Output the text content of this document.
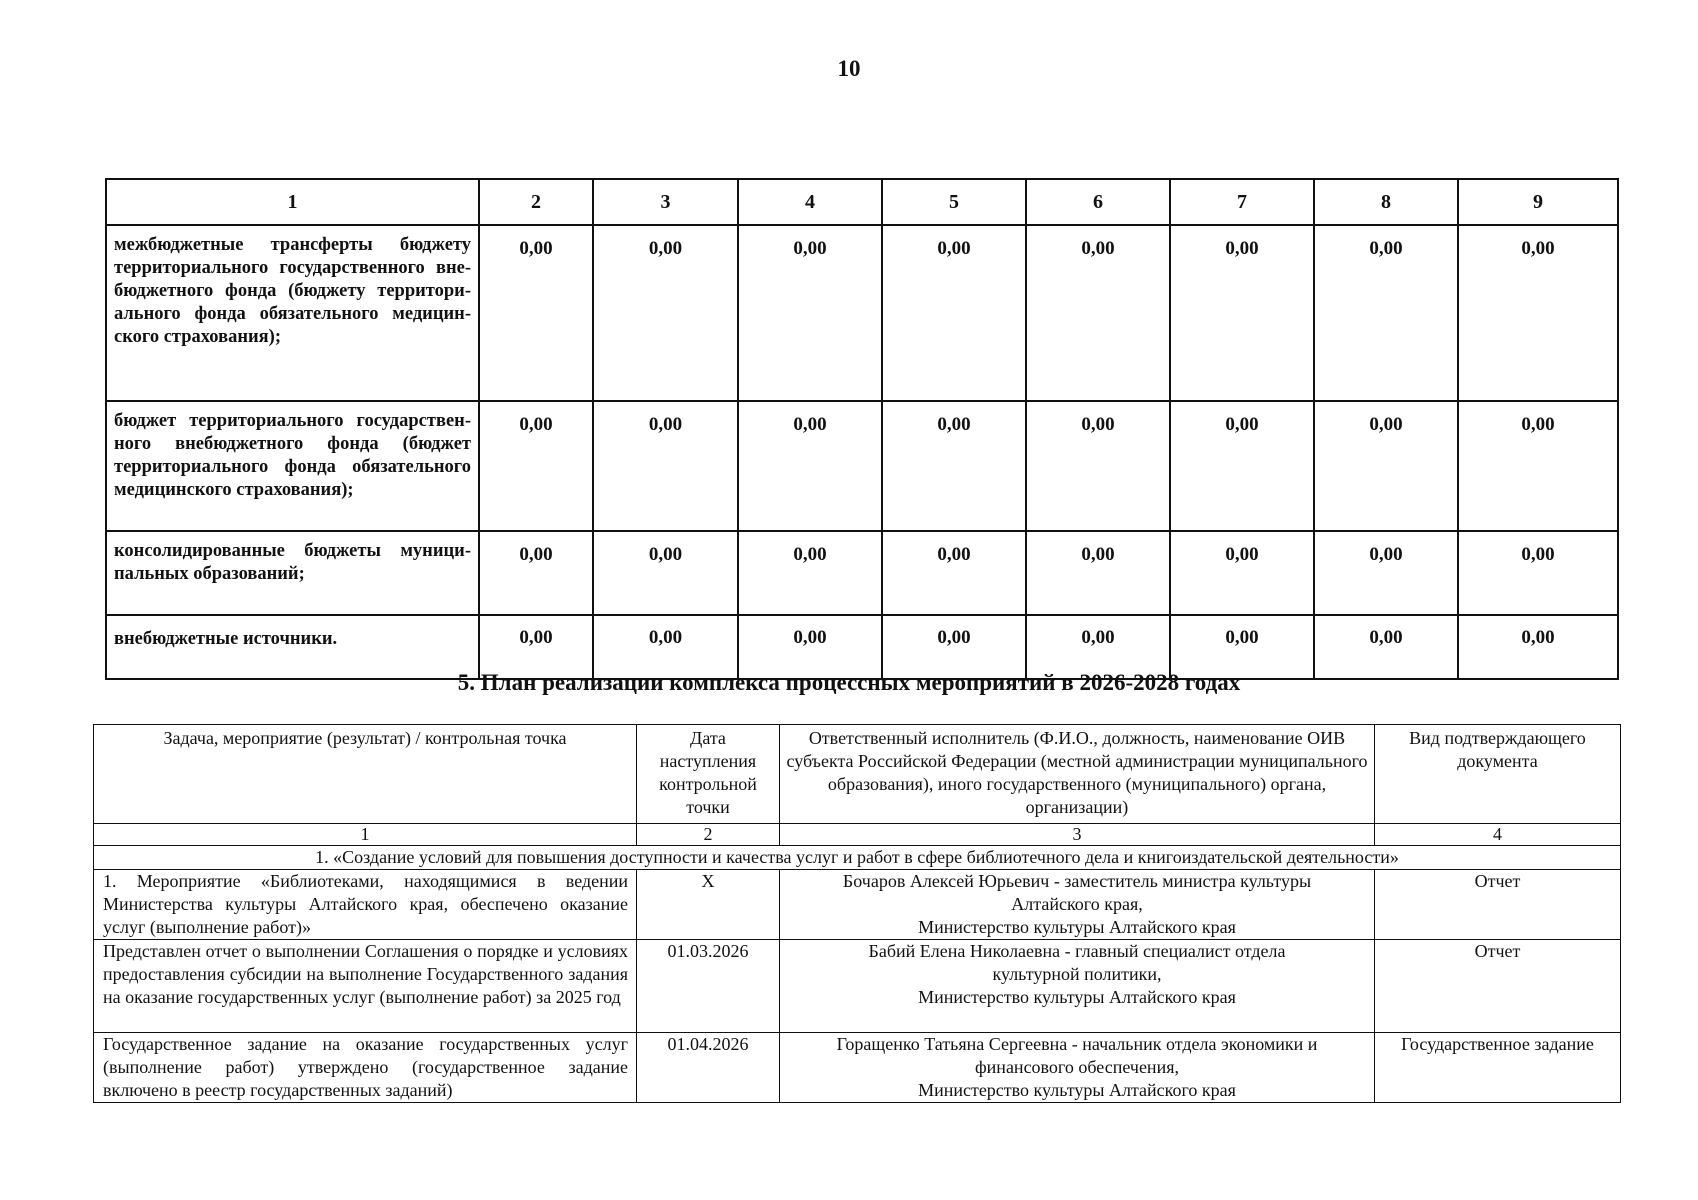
10
1	2	3	4	5	6	7	8	9
межбюджетные трансферты бюджету территориального государственного внебюджетного фонда (бюджету территориального фонда обязательного медицинского страхования);	0,00	0,00	0,00	0,00	0,00	0,00	0,00	0,00
бюджет территориального государственного внебюджетного фонда (бюджет территориального фонда обязательного медицинского страхования);	0,00	0,00	0,00	0,00	0,00	0,00	0,00	0,00
консолидированные бюджеты муниципальных образований;	0,00	0,00	0,00	0,00	0,00	0,00	0,00	0,00
внебюджетные источники.	0,00	0,00	0,00	0,00	0,00	0,00	0,00	0,00
5. План реализации комплекса процессных мероприятий в 2026-2028 годах
Задача, мероприятие (результат) / контрольная точка	Дата наступления контрольной точки	Ответственный исполнитель (Ф.И.О., должность, наименование ОИВ субъекта Российской Федерации (местной администрации муниципального образования), иного государственного (муниципального) органа, организации)	Вид подтверждающего документа
1	2	3	4
1. «Создание условий для повышения доступности и качества услуг и работ в сфере библиотечного дела и книгоиздательской деятельности»			
1. Мероприятие «Библиотеками, находящимися в ведении Министерства культуры Алтайского края, обеспечено оказание услуг (выполнение работ)»	X	Бочаров Алексей Юрьевич - заместитель министра культуры
Алтайского края,
Министерство культуры Алтайского края	Отчет
Представлен отчет о выполнении Соглашения о порядке и условиях предоставления субсидии на выполнение Государственного задания на оказание государственных услуг (выполнение работ) за 2025 год	01.03.2026	Бабий Елена Николаевна - главный специалист отдела
культурной политики,
Министерство культуры Алтайского края	Отчет
Государственное задание на оказание государственных услуг (выполнение работ) утверждено (государственное задание включено в реестр государственных заданий)	01.04.2026	Горащенко Татьяна Сергеевна - начальник отдела экономики и
финансового обеспечения,
Министерство культуры Алтайского края	Государственное задание
